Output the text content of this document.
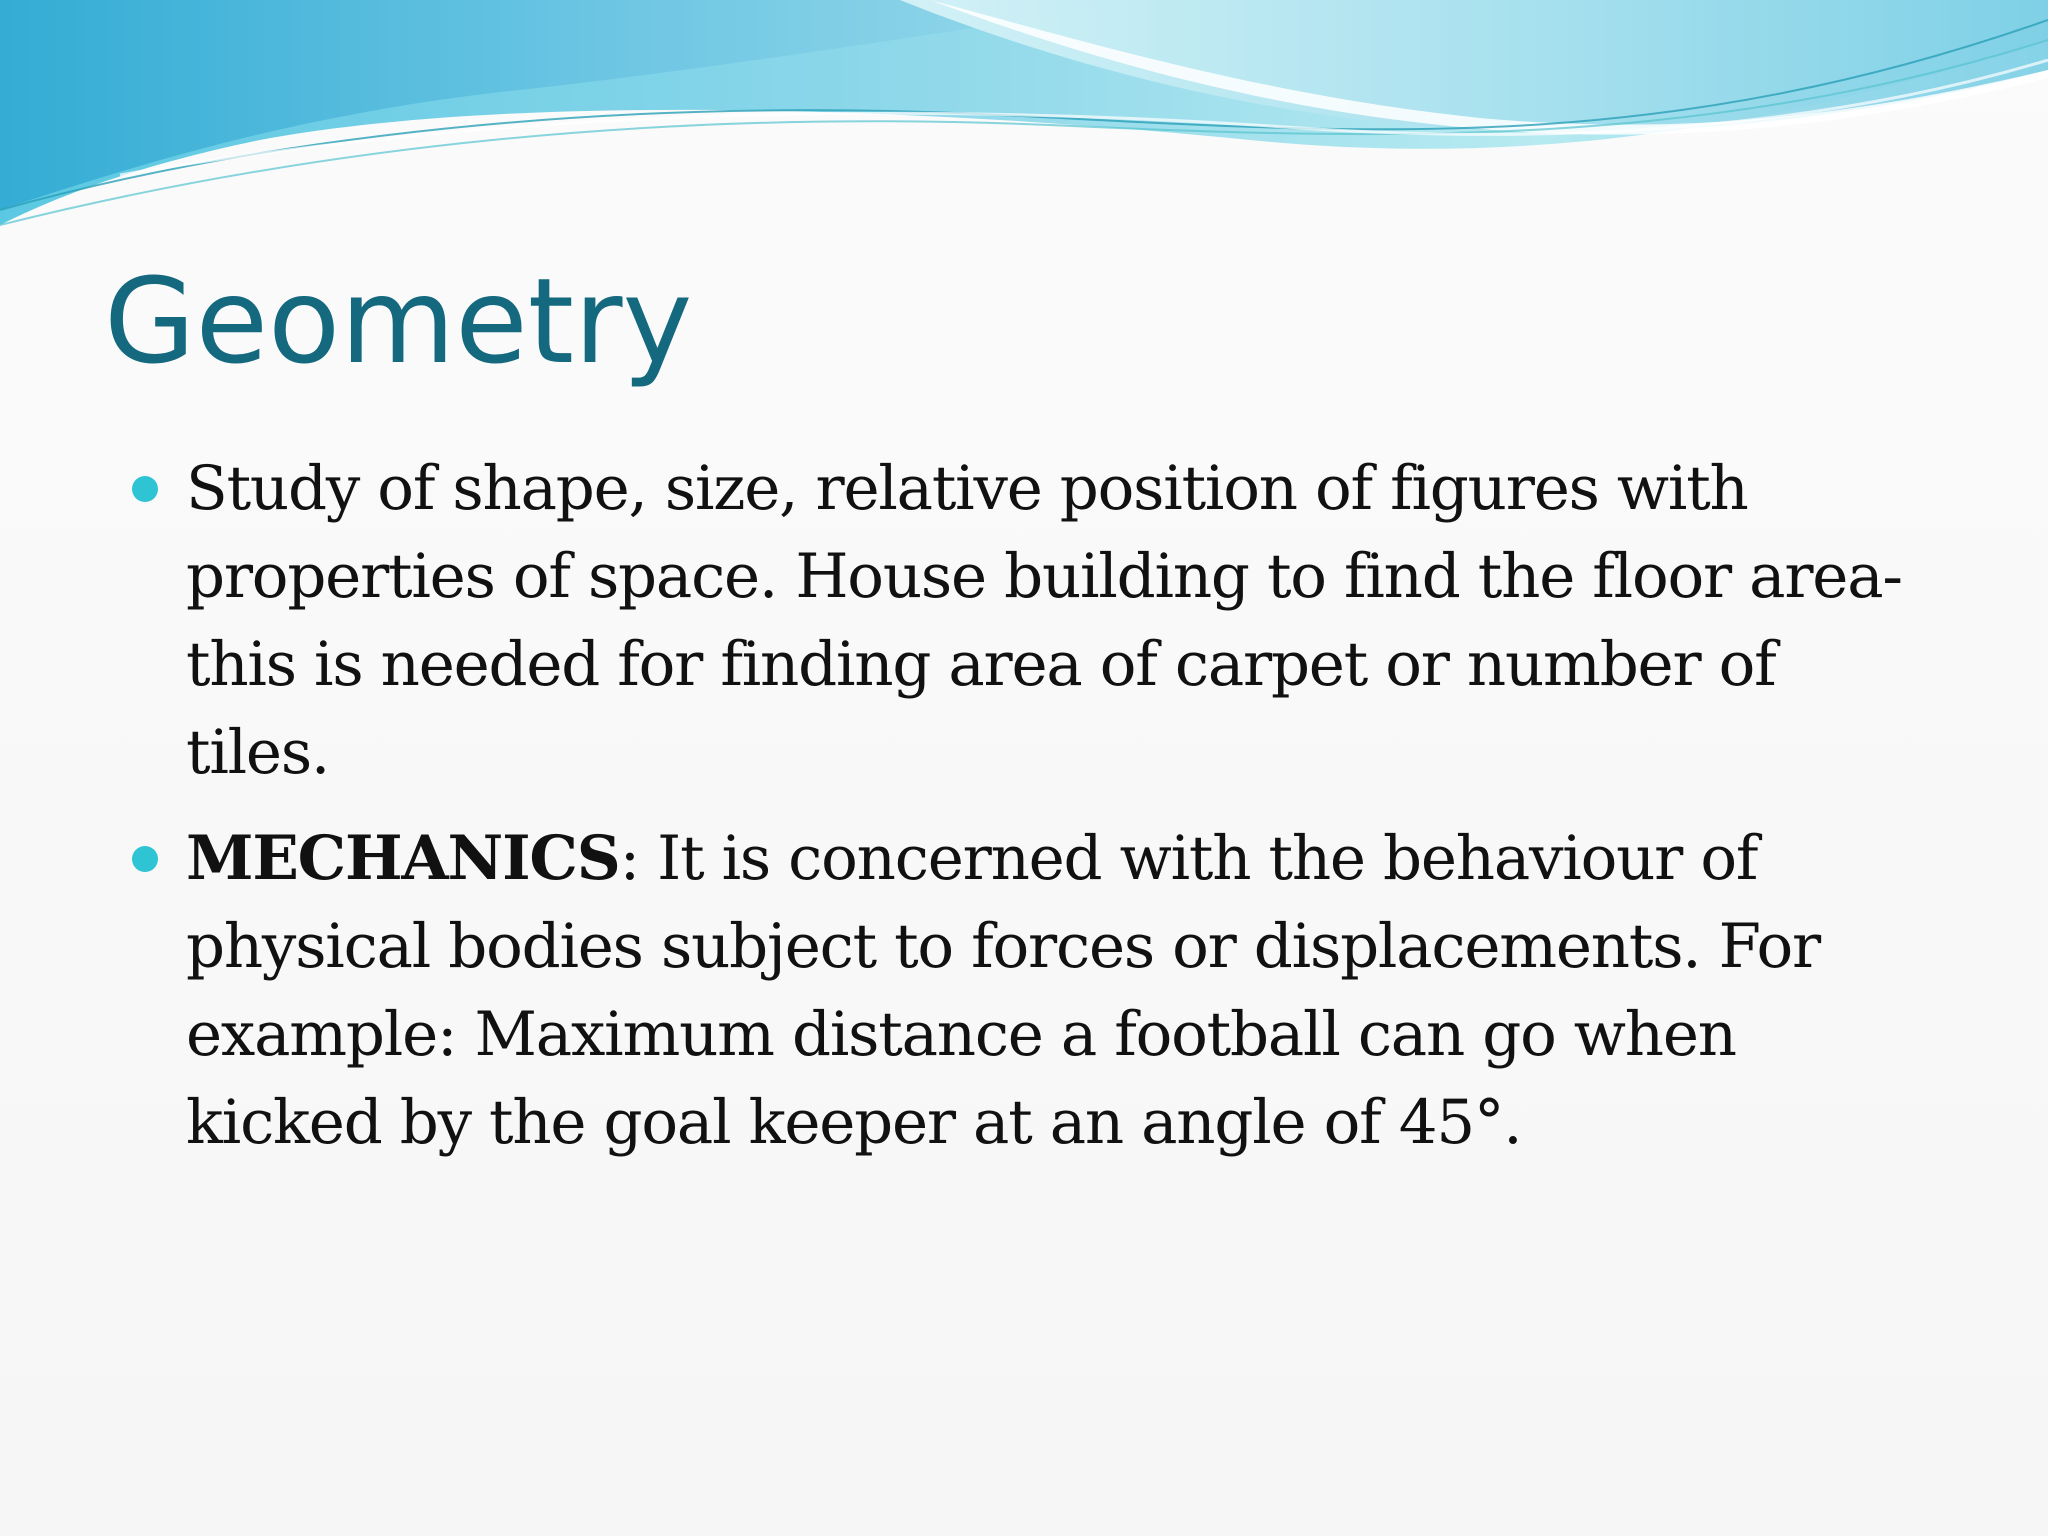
Geometry
Study of shape, size, relative position of figures with properties of space. House building to find the floor area- this is needed for finding area of carpet or number of tiles.
MECHANICS: It is concerned with the behaviour of physical bodies subject to forces or displacements. For example: Maximum distance a football can go when kicked by the goal keeper at an angle of 45°.
